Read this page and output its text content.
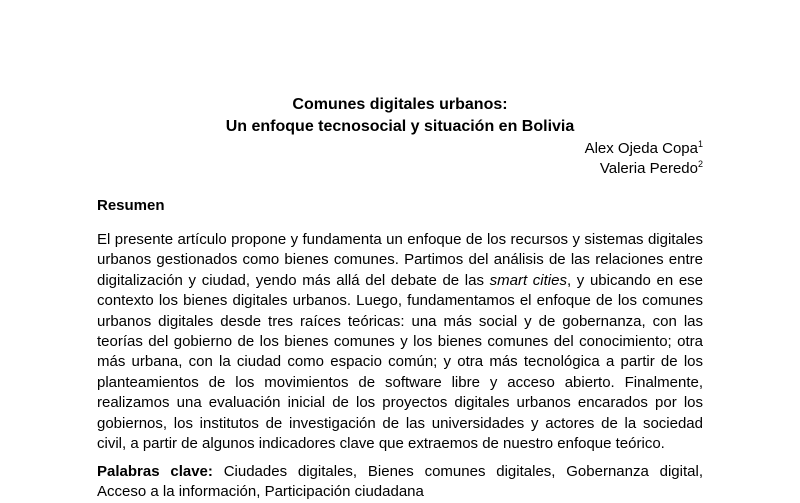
Comunes digitales urbanos:
Un enfoque tecnosocial y situación en Bolivia
Alex Ojeda Copa$^1$
Valeria Peredo$^2$
Resumen
El presente artículo propone y fundamenta un enfoque de los recursos y sistemas digitales
urbanos gestionados como bienes comunes. Partimos del análisis de las relaciones entre
digitalización y ciudad, yendo más allá del debate de las smart cities, y ubicando en ese
contexto los bienes digitales urbanos. Luego, fundamentamos el enfoque de los comunes
urbanos digitales desde tres raíces teóricas: una más social y de gobernanza, con las
teorías del gobierno de los bienes comunes y los bienes comunes del conocimiento; otra
más urbana, con la ciudad como espacio común; y otra más tecnológica a partir de los
planteamientos de los movimientos de software libre y acceso abierto. Finalmente,
realizamos una evaluación inicial de los proyectos digitales urbanos encarados por los
gobiernos, los institutos de investigación de las universidades y actores de la sociedad
civil, a partir de algunos indicadores clave que extraemos de nuestro enfoque teórico.
Palabras clave: Ciudades digitales, Bienes comunes digitales, Gobernanza digital,
Acceso a la información, Participación ciudadana
